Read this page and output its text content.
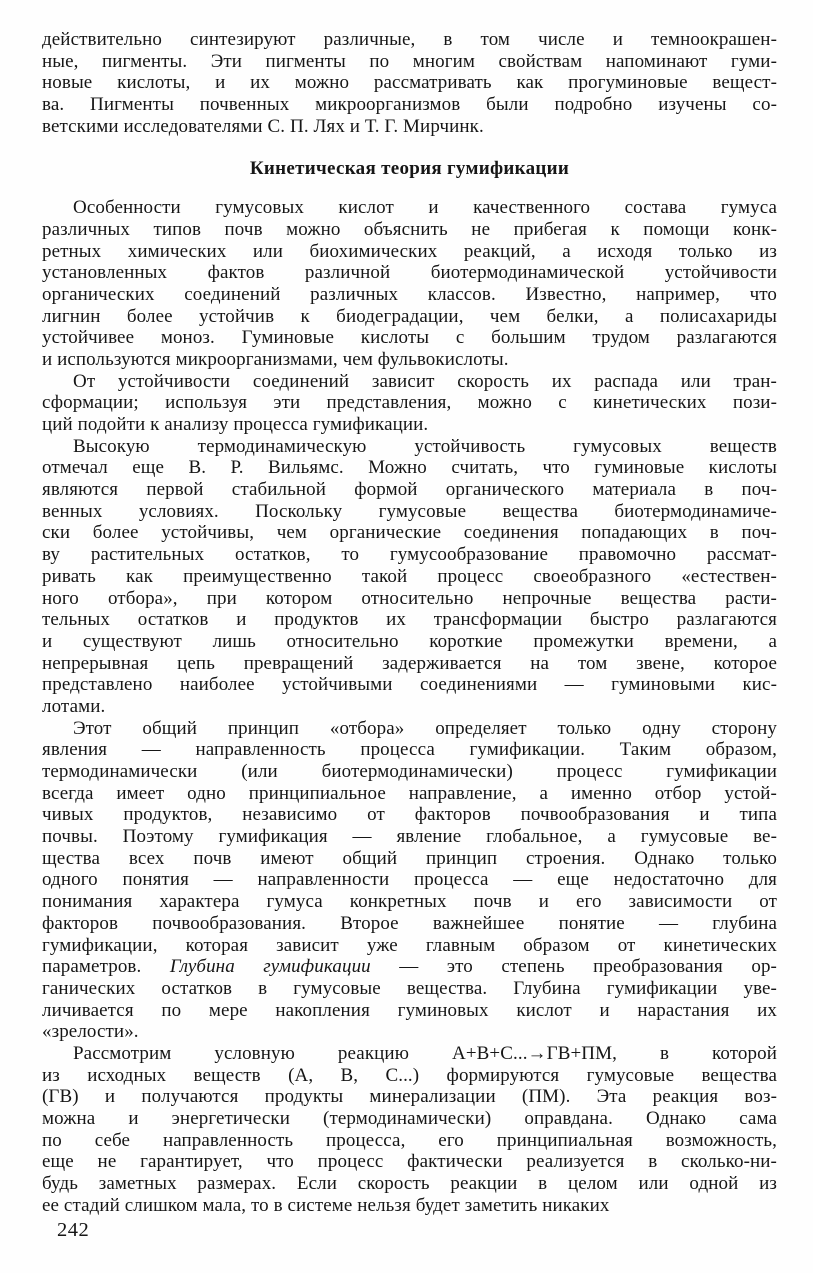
действительно синтезируют различные, в том числе и темноокрашен-
ные, пигменты. Эти пигменты по многим свойствам напоминают гуми-
новые кислоты, и их можно рассматривать как прогуминовые вещест-
ва. Пигменты почвенных микроорганизмов были подробно изучены со-
ветскими исследователями С. П. Лях и Т. Г. Мирчинк.
Кинетическая теория гумификации
Особенности гумусовых кислот и качественного состава гумуса
различных типов почв можно объяснить не прибегая к помощи конк-
ретных химических или биохимических реакций, а исходя только из
установленных фактов различной биотермодинамической устойчивости
органических соединений различных классов. Известно, например, что
лигнин более устойчив к биодеградации, чем белки, а полисахариды
устойчивее моноз. Гуминовые кислоты с большим трудом разлагаются
и используются микроорганизмами, чем фульвокислоты.
От устойчивости соединений зависит скорость их распада или тран-
сформации; используя эти представления, можно с кинетических пози-
ций подойти к анализу процесса гумификации.
Высокую термодинамическую устойчивость гумусовых веществ
отмечал еще В. Р. Вильямс. Можно считать, что гуминовые кислоты
являются первой стабильной формой органического материала в поч-
венных условиях. Поскольку гумусовые вещества биотермодинамиче-
ски более устойчивы, чем органические соединения попадающих в поч-
ву растительных остатков, то гумусообразование правомочно рассмат-
ривать как преимущественно такой процесс своеобразного «естествен-
ного отбора», при котором относительно непрочные вещества расти-
тельных остатков и продуктов их трансформации быстро разлагаются
и существуют лишь относительно короткие промежутки времени, а
непрерывная цепь превращений задерживается на том звене, которое
представлено наиболее устойчивыми соединениями — гуминовыми кис-
лотами.
Этот общий принцип «отбора» определяет только одну сторону
явления — направленность процесса гумификации. Таким образом,
термодинамически (или биотермодинамически) процесс гумификации
всегда имеет одно принципиальное направление, а именно отбор устой-
чивых продуктов, независимо от факторов почвообразования и типа
почвы. Поэтому гумификация — явление глобальное, а гумусовые ве-
щества всех почв имеют общий принцип строения. Однако только
одного понятия — направленности процесса — еще недостаточно для
понимания характера гумуса конкретных почв и его зависимости от
факторов почвообразования. Второе важнейшее понятие — глубина
гумификации, которая зависит уже главным образом от кинетических
параметров. Глубина гумификации — это степень преобразования ор-
ганических остатков в гумусовые вещества. Глубина гумификации уве-
личивается по мере накопления гуминовых кислот и нарастания их
«зрелости».
Рассмотрим условную реакцию А+В+С...→ГВ+ПМ, в которой
из исходных веществ (А, В, С...) формируются гумусовые вещества
(ГВ) и получаются продукты минерализации (ПМ). Эта реакция воз-
можна и энергетически (термодинамически) оправдана. Однако сама
по себе направленность процесса, его принципиальная возможность,
еще не гарантирует, что процесс фактически реализуется в сколько-ни-
будь заметных размерах. Если скорость реакции в целом или одной из
ее стадий слишком мала, то в системе нельзя будет заметить никаких
242
